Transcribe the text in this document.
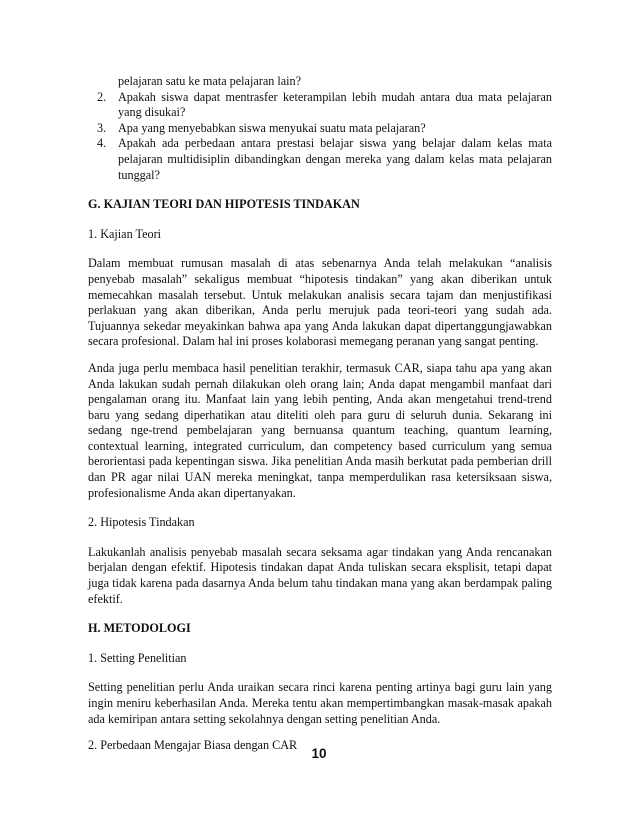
pelajaran satu ke mata pelajaran lain?

2. Apakah siswa dapat mentrasfer keterampilan lebih mudah antara dua mata pelajaran yang disukai?
3. Apa yang menyebabkan siswa menyukai suatu mata pelajaran?
4. Apakah ada perbedaan antara prestasi belajar siswa yang belajar dalam kelas mata pelajaran multidisiplin dibandingkan dengan mereka yang dalam kelas mata pelajaran tunggal?
G. KAJIAN TEORI DAN HIPOTESIS TINDAKAN

1. Kajian Teori

Dalam membuat rumusan masalah di atas sebenarnya Anda telah melakukan “analisis penyebab masalah” sekaligus membuat “hipotesis tindakan” yang akan diberikan untuk memecahkan masalah tersebut. Untuk melakukan analisis secara tajam dan menjustifikasi perlakuan yang akan diberikan, Anda perlu merujuk pada teori-teori yang sudah ada. Tujuannya sekedar meyakinkan bahwa apa yang Anda lakukan dapat dipertanggungjawabkan secara profesional. Dalam hal ini proses kolaborasi memegang peranan yang sangat penting.

Anda juga perlu membaca hasil penelitian terakhir, termasuk CAR, siapa tahu apa yang akan Anda lakukan sudah pernah dilakukan oleh orang lain; Anda dapat mengambil manfaat dari pengalaman orang itu. Manfaat lain yang lebih penting, Anda akan mengetahui trend-trend baru yang sedang diperhatikan atau diteliti oleh para guru di seluruh dunia. Sekarang ini sedang nge-trend pembelajaran yang bernuansa quantum teaching, quantum learning, contextual learning, integrated curriculum, dan competency based curriculum yang semua berorientasi pada kepentingan siswa. Jika penelitian Anda masih berkutat pada pemberian drill dan PR agar nilai UAN mereka meningkat, tanpa memperdulikan rasa ketersiksaan siswa, profesionalisme Anda akan dipertanyakan.

2. Hipotesis Tindakan

Lakukanlah analisis penyebab masalah secara seksama agar tindakan yang Anda rencanakan berjalan dengan efektif. Hipotesis tindakan dapat Anda tuliskan secara eksplisit, tetapi dapat juga tidak karena pada dasarnya Anda belum tahu tindakan mana yang akan berdampak paling efektif.

H. METODOLOGI

1. Setting Penelitian

Setting penelitian perlu Anda uraikan secara rinci karena penting artinya bagi guru lain yang ingin meniru keberhasilan Anda. Mereka tentu akan mempertimbangkan masak-masak apakah ada kemiripan antara setting sekolahnya dengan setting penelitian Anda.

2. Perbedaan Mengajar Biasa dengan CAR

10
